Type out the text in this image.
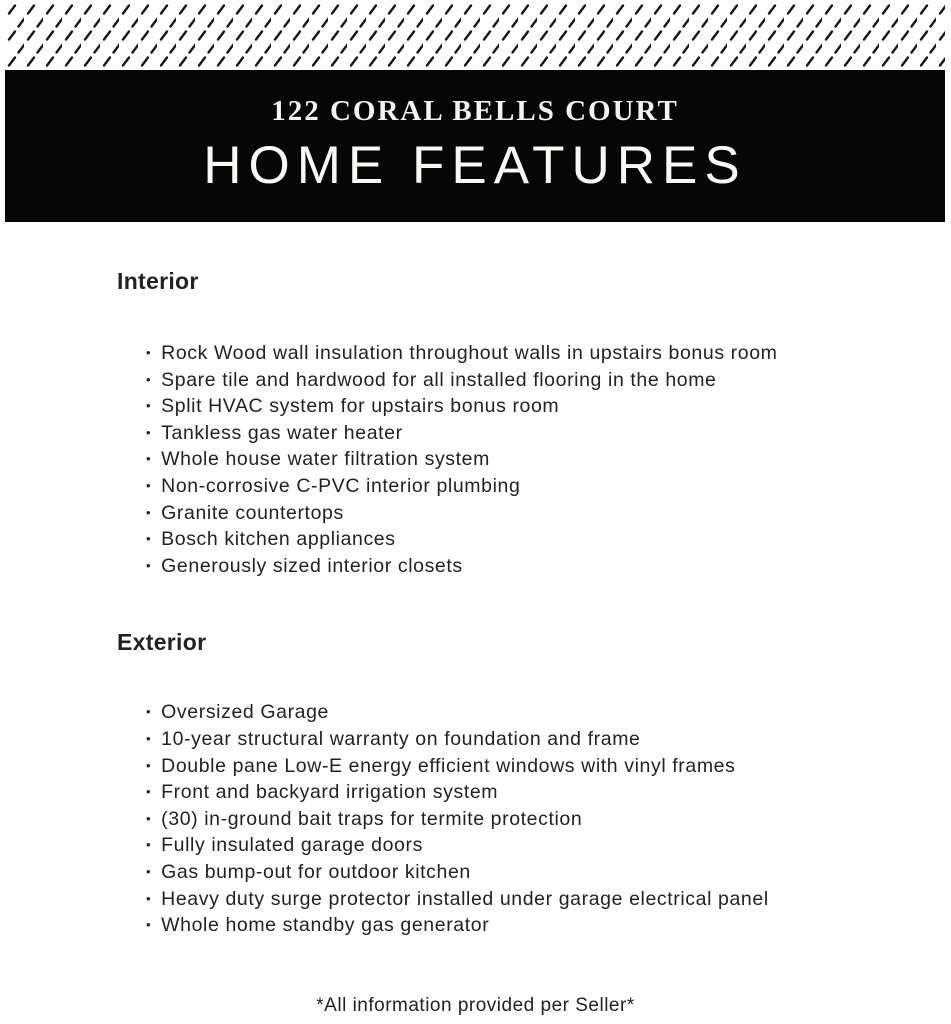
122 CORAL BELLS COURT

HOME FEATURES
Interior
• Rock Wood wall insulation throughout walls in upstairs bonus room
• Spare tile and hardwood for all installed flooring in the home
• Split HVAC system for upstairs bonus room
• Tankless gas water heater
• Whole house water filtration system
• Non-corrosive C-PVC interior plumbing
• Granite countertops
• Bosch kitchen appliances
• Generously sized interior closets
Exterior
• Oversized Garage
• 10-year structural warranty on foundation and frame
• Double pane Low-E energy efficient windows with vinyl frames
• Front and backyard irrigation system
• (30) in-ground bait traps for termite protection
• Fully insulated garage doors
• Gas bump-out for outdoor kitchen
• Heavy duty surge protector installed under garage electrical panel
• Whole home standby gas generator

*All information provided per Seller*
